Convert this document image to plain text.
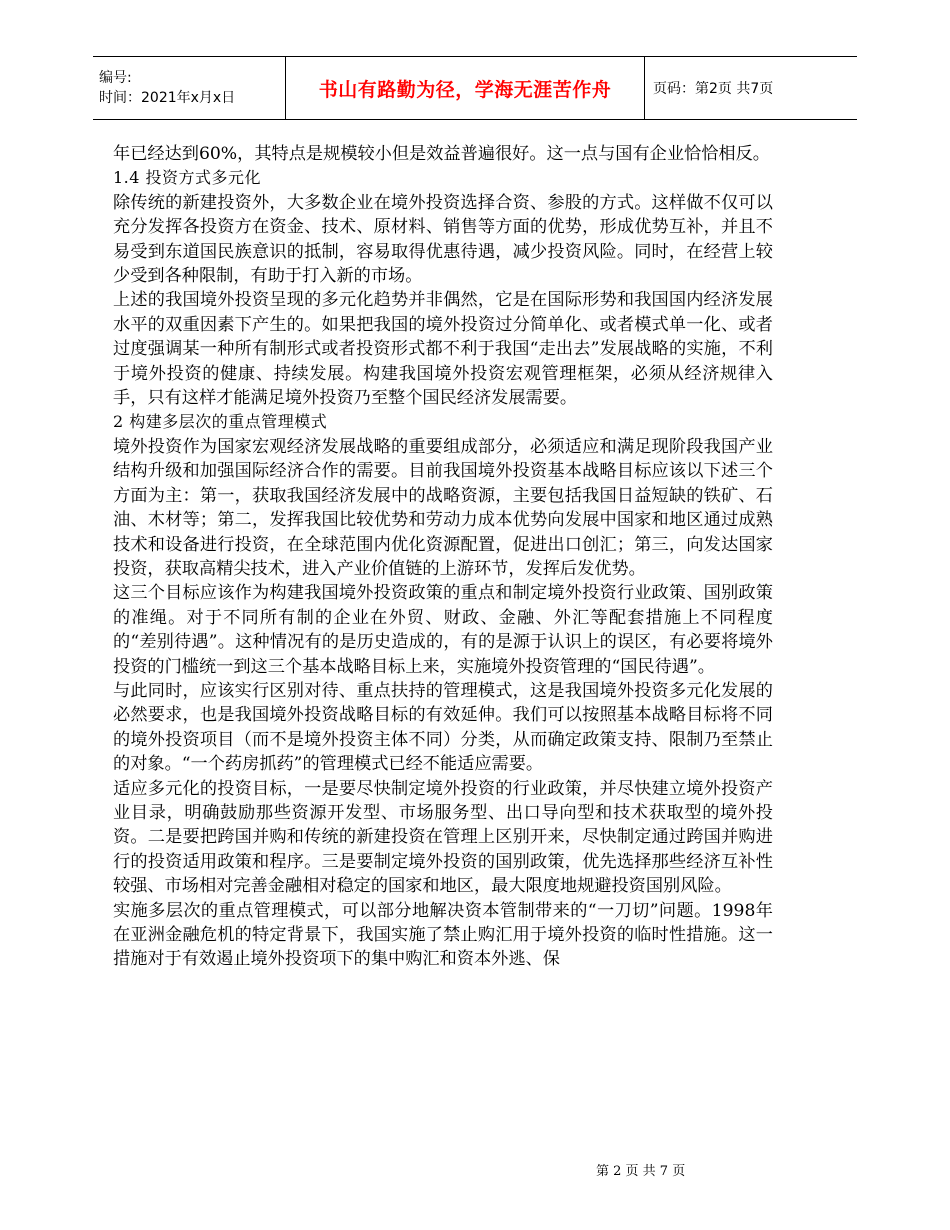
编号:
时间：2021年x月x日	书山有路勤为径，学海无涯苦作舟	页码：第2页 共7页

年已经达到60%，其特点是规模较小但是效益普遍很好。这一点与国有企业恰恰相反。

1.4 投资方式多元化

除传统的新建投资外，大多数企业在境外投资选择合资、参股的方式。这样做不仅可以充分发挥各投资方在资金、技术、原材料、销售等方面的优势，形成优势互补，并且不易受到东道国民族意识的抵制，容易取得优惠待遇，减少投资风险。同时，在经营上较少受到各种限制，有助于打入新的市场。

上述的我国境外投资呈现的多元化趋势并非偶然，它是在国际形势和我国国内经济发展水平的双重因素下产生的。如果把我国的境外投资过分简单化、或者模式单一化、或者过度强调某一种所有制形式或者投资形式都不利于我国“走出去”发展战略的实施，不利于境外投资的健康、持续发展。构建我国境外投资宏观管理框架，必须从经济规律入手，只有这样才能满足境外投资乃至整个国民经济发展需要。

2 构建多层次的重点管理模式

境外投资作为国家宏观经济发展战略的重要组成部分，必须适应和满足现阶段我国产业结构升级和加强国际经济合作的需要。目前我国境外投资基本战略目标应该以下述三个方面为主：第一，获取我国经济发展中的战略资源，主要包括我国日益短缺的铁矿、石油、木材等；第二，发挥我国比较优势和劳动力成本优势向发展中国家和地区通过成熟技术和设备进行投资，在全球范围内优化资源配置，促进出口创汇；第三，向发达国家投资，获取高精尖技术，进入产业价值链的上游环节，发挥后发优势。

这三个目标应该作为构建我国境外投资政策的重点和制定境外投资行业政策、国别政策的准绳。对于不同所有制的企业在外贸、财政、金融、外汇等配套措施上不同程度的“差别待遇”。这种情况有的是历史造成的，有的是源于认识上的误区，有必要将境外投资的门槛统一到这三个基本战略目标上来，实施境外投资管理的“国民待遇”。

与此同时，应该实行区别对待、重点扶持的管理模式，这是我国境外投资多元化发展的必然要求，也是我国境外投资战略目标的有效延伸。我们可以按照基本战略目标将不同的境外投资项目（而不是境外投资主体不同）分类，从而确定政策支持、限制乃至禁止的对象。“一个药房抓药”的管理模式已经不能适应需要。

适应多元化的投资目标，一是要尽快制定境外投资的行业政策，并尽快建立境外投资产业目录，明确鼓励那些资源开发型、市场服务型、出口导向型和技术获取型的境外投资。二是要把跨国并购和传统的新建投资在管理上区别开来，尽快制定通过跨国并购进行的投资适用政策和程序。三是要制定境外投资的国别政策，优先选择那些经济互补性较强、市场相对完善金融相对稳定的国家和地区，最大限度地规避投资国别风险。

实施多层次的重点管理模式，可以部分地解决资本管制带来的“一刀切”问题。1998年在亚洲金融危机的特定背景下，我国实施了禁止购汇用于境外投资的临时性措施。这一措施对于有效遏止境外投资项下的集中购汇和资本外逃、保

第 2 页 共 7 页
